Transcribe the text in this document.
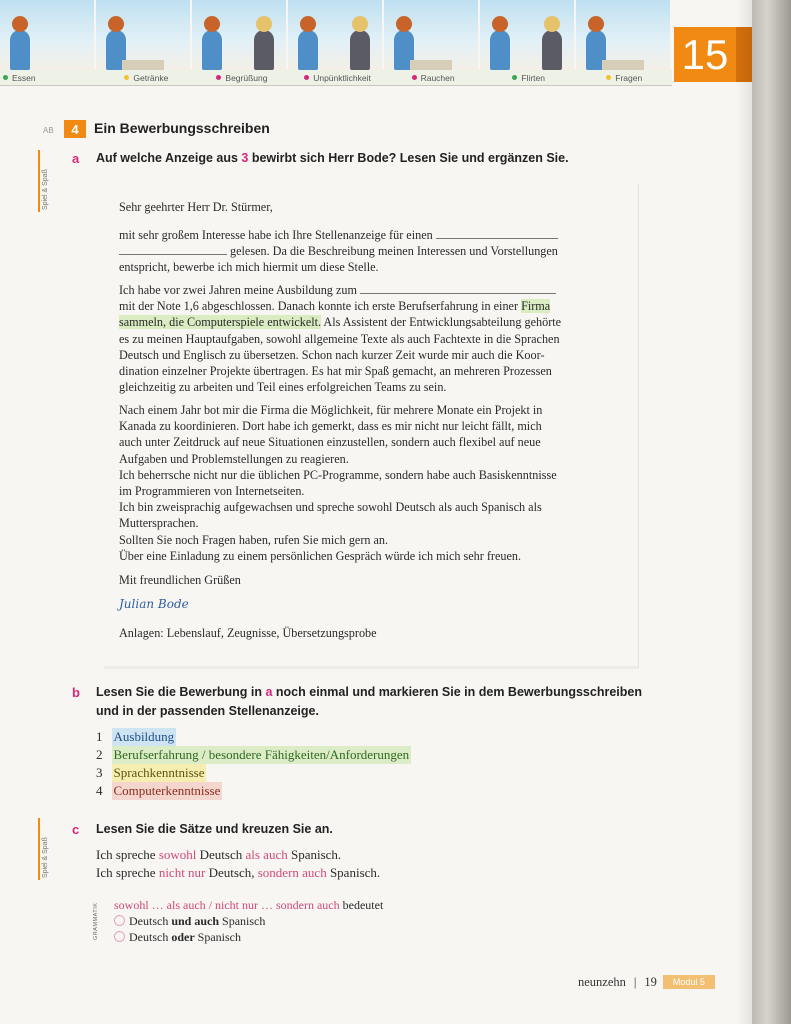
Essen	Getränke	Begrüßung	Unpünktlichkeit	Rauchen	Flirten	Fragen 15
AB	4	Ein Bewerbungsschreiben
Spiel & Spaß
a Auf welche Anzeige aus 3 bewirbt sich Herr Bode? Lesen Sie und ergänzen Sie.
Sehr geehrter Herr Dr. Stürmer,
mit sehr großem Interesse habe ich Ihre Stellenanzeige für einen
gelesen. Da die Beschreibung meinen Interessen und Vorstellungen
entspricht, bewerbe ich mich hiermit um diese Stelle.
Ich habe vor zwei Jahren meine Ausbildung zum
mit der Note 1,6 abgeschlossen. Danach konnte ich erste Berufserfahrung in einer Firma
sammeln, die Computerspiele entwickelt. Als Assistent der Entwicklungsabteilung gehörte
es zu meinen Hauptaufgaben, sowohl allgemeine Texte als auch Fachtexte in die Sprachen
Deutsch und Englisch zu übersetzen. Schon nach kurzer Zeit wurde mir auch die Koor-
dination einzelner Projekte übertragen. Es hat mir Spaß gemacht, an mehreren Prozessen
gleichzeitig zu arbeiten und Teil eines erfolgreichen Teams zu sein.
Nach einem Jahr bot mir die Firma die Möglichkeit, für mehrere Monate ein Projekt in
Kanada zu koordinieren. Dort habe ich gemerkt, dass es mir nicht nur leicht fällt, mich
auch unter Zeitdruck auf neue Situationen einzustellen, sondern auch flexibel auf neue
Aufgaben und Problemstellungen zu reagieren.
Ich beherrsche nicht nur die üblichen PC-Programme, sondern habe auch Basiskenntnisse
im Programmieren von Internetseiten.
Ich bin zweisprachig aufgewachsen und spreche sowohl Deutsch als auch Spanisch als
Muttersprachen.
Sollten Sie noch Fragen haben, rufen Sie mich gern an.
Über eine Einladung zu einem persönlichen Gespräch würde ich mich sehr freuen.
Mit freundlichen Grüßen
Julian Bode
Anlagen: Lebenslauf, Zeugnisse, Übersetzungsprobe
b Lesen Sie die Bewerbung in a noch einmal und markieren Sie in dem Bewerbungsschreiben
und in der passenden Stellenanzeige.
1 Ausbildung
2 Berufserfahrung / besondere Fähigkeiten/Anforderungen
3 Sprachkenntnisse
4 Computerkenntnisse
Spiel & Spaß
c Lesen Sie die Sätze und kreuzen Sie an.
Ich spreche sowohl Deutsch als auch Spanisch.
Ich spreche nicht nur Deutsch, sondern auch Spanisch.
GRAMMATIK sowohl … als auch / nicht nur … sondern auch bedeutet
Deutsch und auch Spanisch
Deutsch oder Spanisch
neunzehn | 19 Modul 5
